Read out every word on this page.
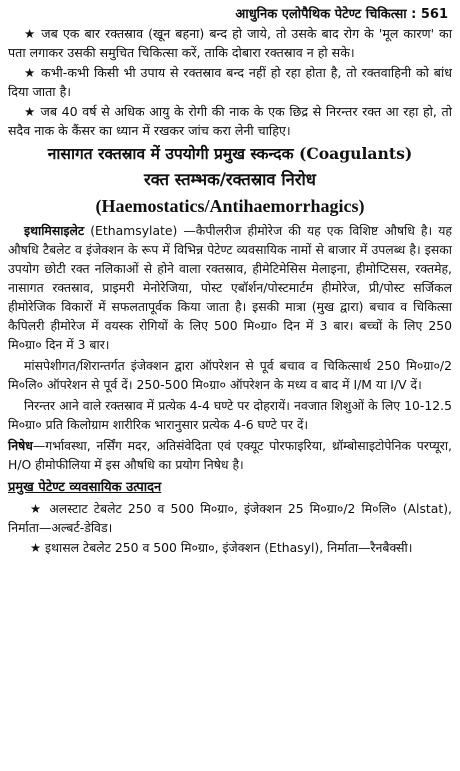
आधुनिक एलोपैथिक पेटेण्ट चिकित्सा : 561

★ जब एक बार रक्तस्राव (खून बहना) बन्द हो जाये, तो उसके बाद रोग के 'मूल कारण' का पता लगाकर उसकी समुचित चिकित्सा करें, ताकि दोबारा रक्तस्राव न हो सके।

★ कभी-कभी किसी भी उपाय से रक्तस्राव बन्द नहीं हो रहा होता है, तो रक्तवाहिनी को बांध दिया जाता है।

★ जब 40 वर्ष से अधिक आयु के रोगी की नाक के एक छिद्र से निरन्तर रक्त आ रहा हो, तो सदैव नाक के कैंसर का ध्यान में रखकर जांच करा लेनी चाहिए।

नासागत रक्तस्राव में उपयोगी प्रमुख स्कन्दक (Coagulants)
रक्त स्तम्भक/रक्तस्राव निरोध
(Haemostatics/Antihaemorrhagics)

इथामिसाइलेट (Ethamsylate) —कैपीलरीज हीमोरेज की यह एक विशिष्ट औषधि है। यह औषधि टैबलेट व इंजेक्शन के रूप में विभिन्न पेटेण्ट व्यवसायिक नामों से बाजार में उपलब्ध है। इसका उपयोग छोटी रक्त नलिकाओं से होने वाला रक्तस्राव, हीमेटिमेसिस मेलाइना, हीमोप्टिसस, रक्तमेह, नासागत रक्तस्राव, प्राइमरी मेनोरेजिया, पोस्ट एबॉर्शन/पोस्टमार्टम हीमोरेज, प्री/पोस्ट सर्जिकल हीमोरेजिक विकारों में सफलतापूर्वक किया जाता है। इसकी मात्रा (मुख द्वारा) बचाव व चिकित्सा कैपिलरी हीमोरेज में वयस्क रोगियों के लिए 500 मि०ग्रा० दिन में 3 बार। बच्चों के लिए 250 मि०ग्रा० दिन में 3 बार।

मांसपेशीगत/शिरान्तर्गत इंजेक्शन द्वारा ऑपरेशन से पूर्व बचाव व चिकित्सार्थ 250 मि०ग्रा०/2 मि०लि० ऑपरेशन से पूर्व दें। 250-500 मि०ग्रा० ऑपरेशन के मध्य व बाद में I/M या I/V दें।

निरन्तर आने वाले रक्तस्राव में प्रत्येक 4-4 घण्टे पर दोहरायें। नवजात शिशुओं के लिए 10-12.5 मि०ग्रा० प्रति किलोग्राम शारीरिक भारानुसार प्रत्येक 4-6 घण्टे पर दें।

निषेध—गर्भावस्था, नर्सिंग मदर, अतिसंवेदिता एवं एक्यूट पोरफाइरिया, थ्रॉम्बोसाइटोपेनिक परप्यूरा, H/O हीमोफीलिया में इस औषधि का प्रयोग निषेध है।

प्रमुख पेटेण्ट व्यवसायिक उत्पादन

★ अलस्टाट टेबलेट 250 व 500 मि०ग्रा०, इंजेक्शन 25 मि०ग्रा०/2 मि०लि० (Alstat), निर्माता—अल्बर्ट-डेविड।

★ इथासल टेबलेट 250 व 500 मि०ग्रा०, इंजेक्शन (Ethasyl), निर्माता—रैनबैक्सी।
